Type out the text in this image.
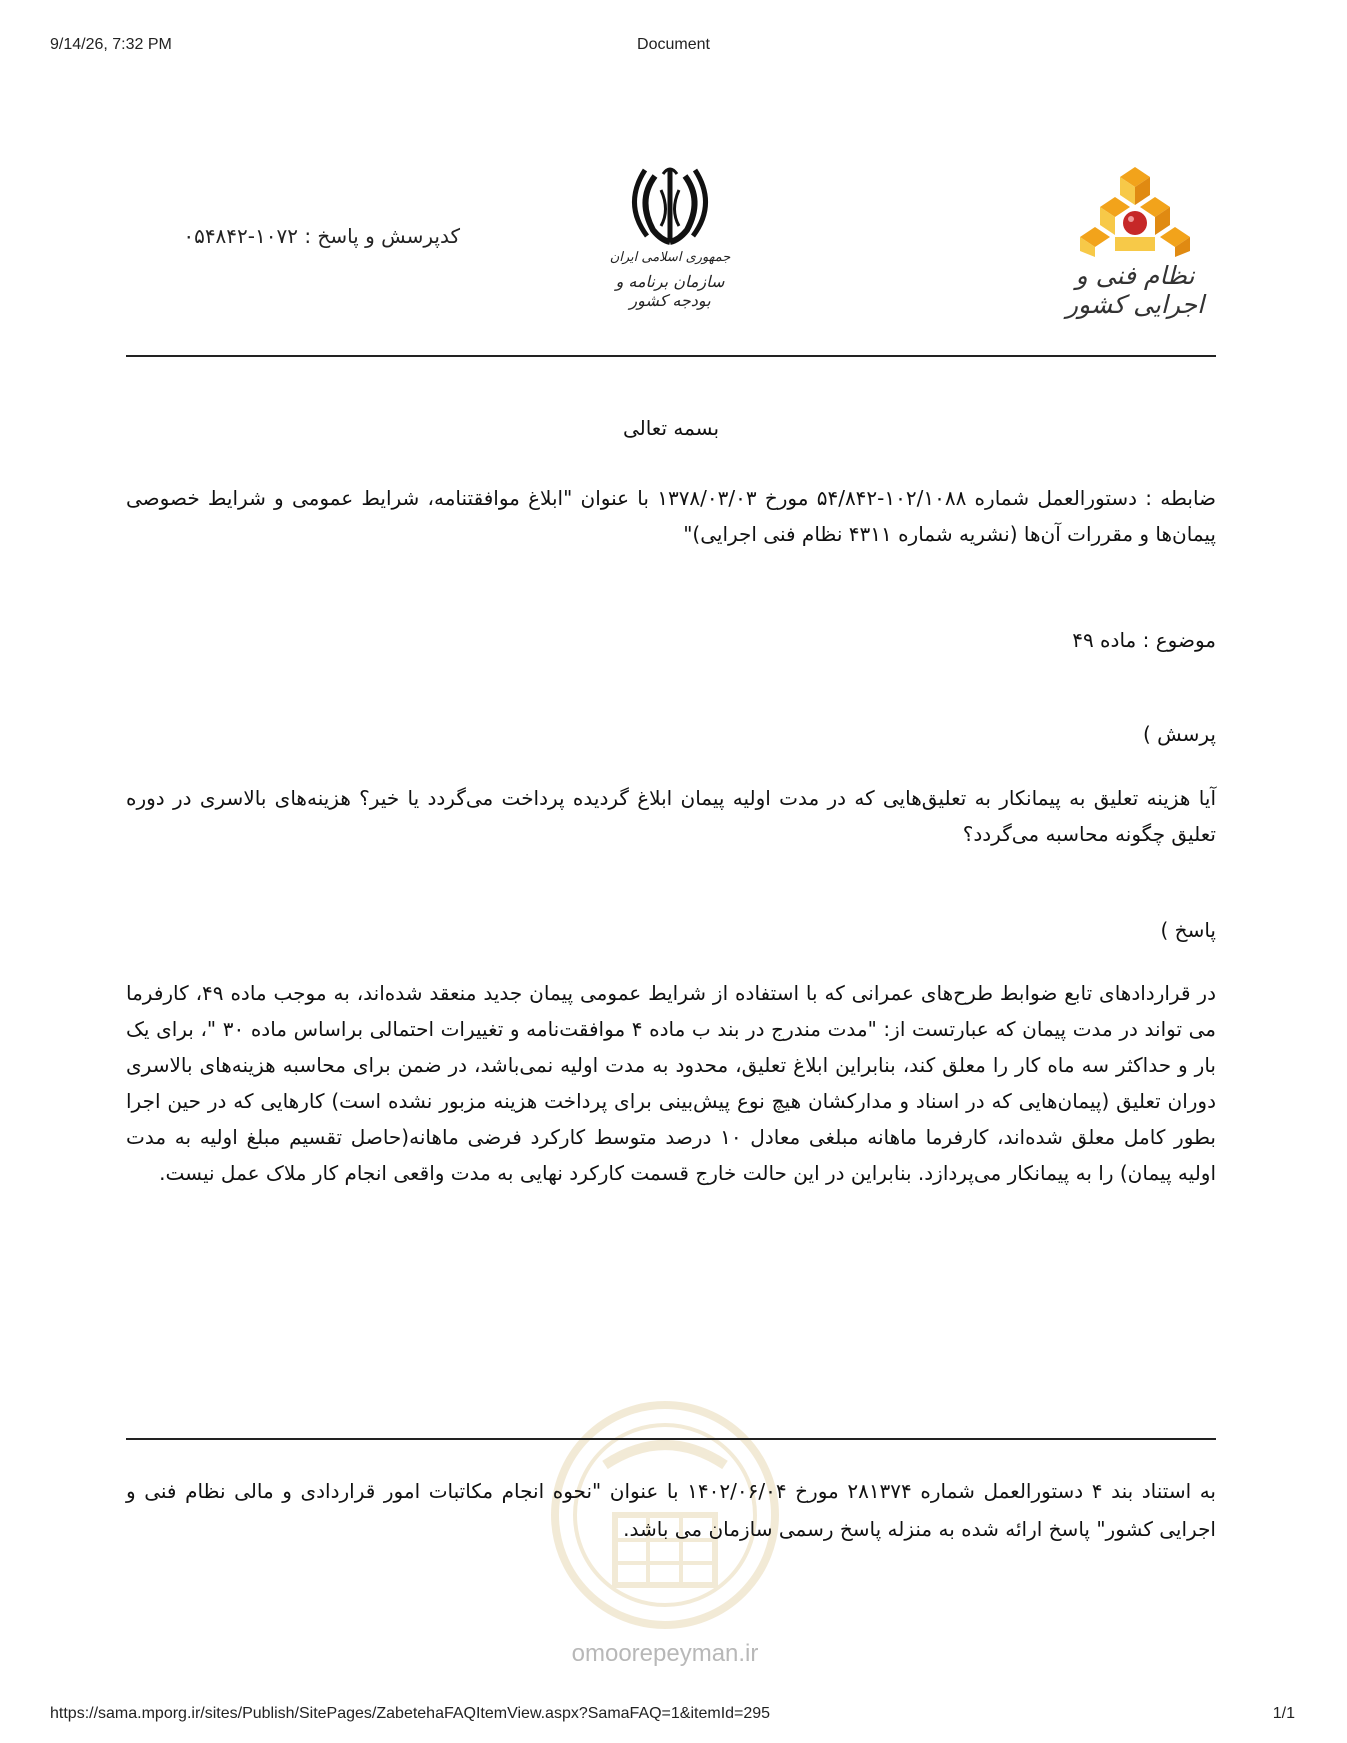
9/14/26, 7:32 PM	Document
نظام فنی و اجرایی کشور
جمهوری اسلامی ایران
سازمان برنامه و بودجه کشور
کدپرسش و پاسخ : ۱۰۷۲-۰۵۴۸۴۲
بسمه تعالی
ضابطه : دستورالعمل شماره ۱۰۲/۱۰۸۸-۵۴/۸۴۲ مورخ ۱۳۷۸/۰۳/۰۳ با عنوان "ابلاغ موافقتنامه، شرایط عمومی و شرایط خصوصی پیمان‌ها و مقررات آن‌ها (نشریه شماره ۴۳۱۱ نظام فنی اجرایی)"
موضوع : ماده ۴۹
پرسش )
آیا هزینه تعلیق به پیمانکار به تعلیق‌هایی که در مدت اولیه پیمان ابلاغ گردیده پرداخت می‌گردد یا خیر؟ هزینه‌های بالاسری در دوره تعلیق چگونه محاسبه می‌گردد؟
پاسخ )
در قراردادهای تابع ضوابط طرح‌های عمرانی که با استفاده از شرایط عمومی پیمان جدید منعقد شده‌اند، به موجب ماده ۴۹، کارفرما می تواند در مدت پیمان که عبارتست از: "مدت مندرج در بند ب ماده ۴ موافقت‌نامه و تغییرات احتمالی براساس ماده ۳۰ "، برای یک بار و حداکثر سه ماه کار را معلق کند، بنابراین ابلاغ تعلیق، محدود به مدت اولیه نمی‌باشد، در ضمن برای محاسبه هزینه‌های بالاسری دوران تعلیق (پیمان‌هایی که در اسناد و مدارکشان هیچ نوع پیش‌بینی برای پرداخت هزینه مزبور نشده است) کارهایی که در حین اجرا بطور کامل معلق شده‌اند، کارفرما ماهانه مبلغی معادل ۱۰ درصد متوسط کارکرد فرضی ماهانه(حاصل تقسیم مبلغ اولیه به مدت اولیه پیمان) را به پیمانکار می‌پردازد. بنابراین در این حالت خارج قسمت کارکرد نهایی به مدت واقعی انجام کار ملاک عمل نیست.
به استناد بند ۴ دستورالعمل شماره ۲۸۱۳۷۴ مورخ ۱۴۰۲/۰۶/۰۴ با عنوان "نحوه انجام مکاتبات امور قراردادی و مالی نظام فنی و اجرایی کشور" پاسخ ارائه شده به منزله پاسخ رسمی سازمان می باشد.
omoorepeyman.ir
https://sama.mporg.ir/sites/Publish/SitePages/ZabetehaFAQItemView.aspx?SamaFAQ=1&itemId=295	1/1
